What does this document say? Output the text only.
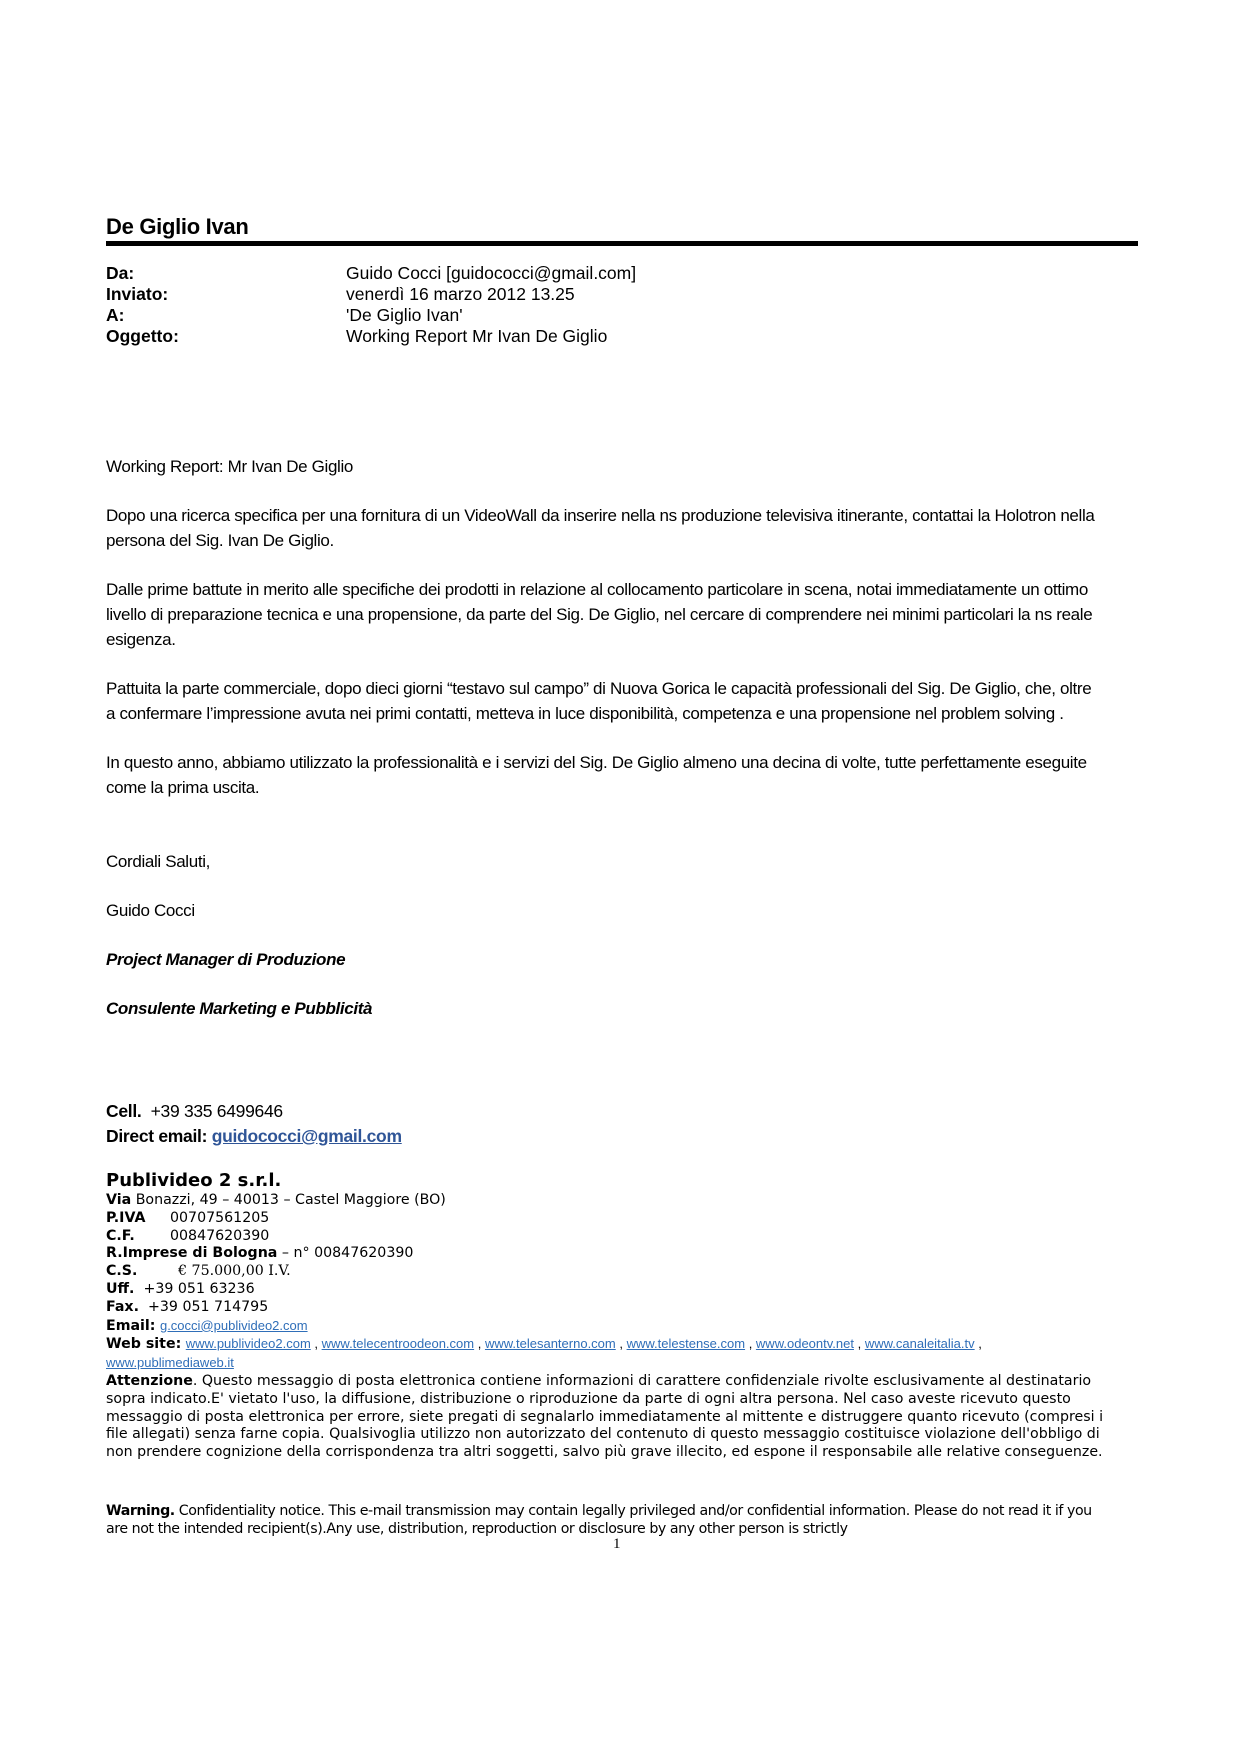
De Giglio Ivan
Da:	Guido Cocci [guidococci@gmail.com]
Inviato:	venerdì 16 marzo 2012 13.25
A:	'De Giglio Ivan'
Oggetto:	Working Report Mr Ivan De Giglio

Working Report: Mr Ivan De Giglio

Dopo una ricerca specifica per una fornitura di un VideoWall da inserire nella ns produzione televisiva itinerante, contattai la Holotron nella persona del Sig. Ivan De Giglio.

Dalle prime battute in merito alle specifiche dei prodotti in relazione al collocamento particolare in scena, notai immediatamente un ottimo livello di preparazione tecnica e una propensione, da parte del Sig. De Giglio, nel cercare di comprendere nei minimi particolari la ns reale esigenza.

Pattuita la parte commerciale, dopo dieci giorni “testavo sul campo” di Nuova Gorica le capacità professionali del Sig. De Giglio, che, oltre a confermare l’impressione avuta nei primi contatti, metteva in luce disponibilità, competenza e una propensione nel problem solving .

In questo anno, abbiamo utilizzato la professionalità e i servizi del Sig. De Giglio almeno una decina di volte, tutte perfettamente eseguite come la prima uscita.

Cordiali Saluti,

Guido Cocci

Project Manager di Produzione

Consulente Marketing e Pubblicità

Cell. +39 335 6499646
Direct email: guidococci@gmail.com
Publivideo 2 s.r.l.
Via Bonazzi, 49 – 40013 – Castel Maggiore (BO)
P.IVA 00707561205
C.F. 00847620390
R.Imprese di Bologna – n° 00847620390
C.S.	€ 75.000,00 I.V.
Uff. +39 051 63236
Fax. +39 051 714795
Email: g.cocci@publivideo2.com
Web site: www.publivideo2.com , www.telecentroodeon.com , www.telesanterno.com , www.telestense.com , www.odeontv.net , www.canaleitalia.tv ,
www.publimediaweb.it
Attenzione. Questo messaggio di posta elettronica contiene informazioni di carattere confidenziale rivolte esclusivamente al destinatario sopra indicato.E' vietato l'uso, la diffusione, distribuzione o riproduzione da parte di ogni altra persona. Nel caso aveste ricevuto questo messaggio di posta elettronica per errore, siete pregati di segnalarlo immediatamente al mittente e distruggere quanto ricevuto (compresi i file allegati) senza farne copia. Qualsivoglia utilizzo non autorizzato del contenuto di questo messaggio costituisce violazione dell'obbligo di non prendere cognizione della corrispondenza tra altri soggetti, salvo più grave illecito, ed espone il responsabile alle relative conseguenze.
Warning. Confidentiality notice. This e-mail transmission may contain legally privileged and/or confidential information. Please do not read it if you are not the intended recipient(s).Any use, distribution, reproduction or disclosure by any other person is strictly
1
